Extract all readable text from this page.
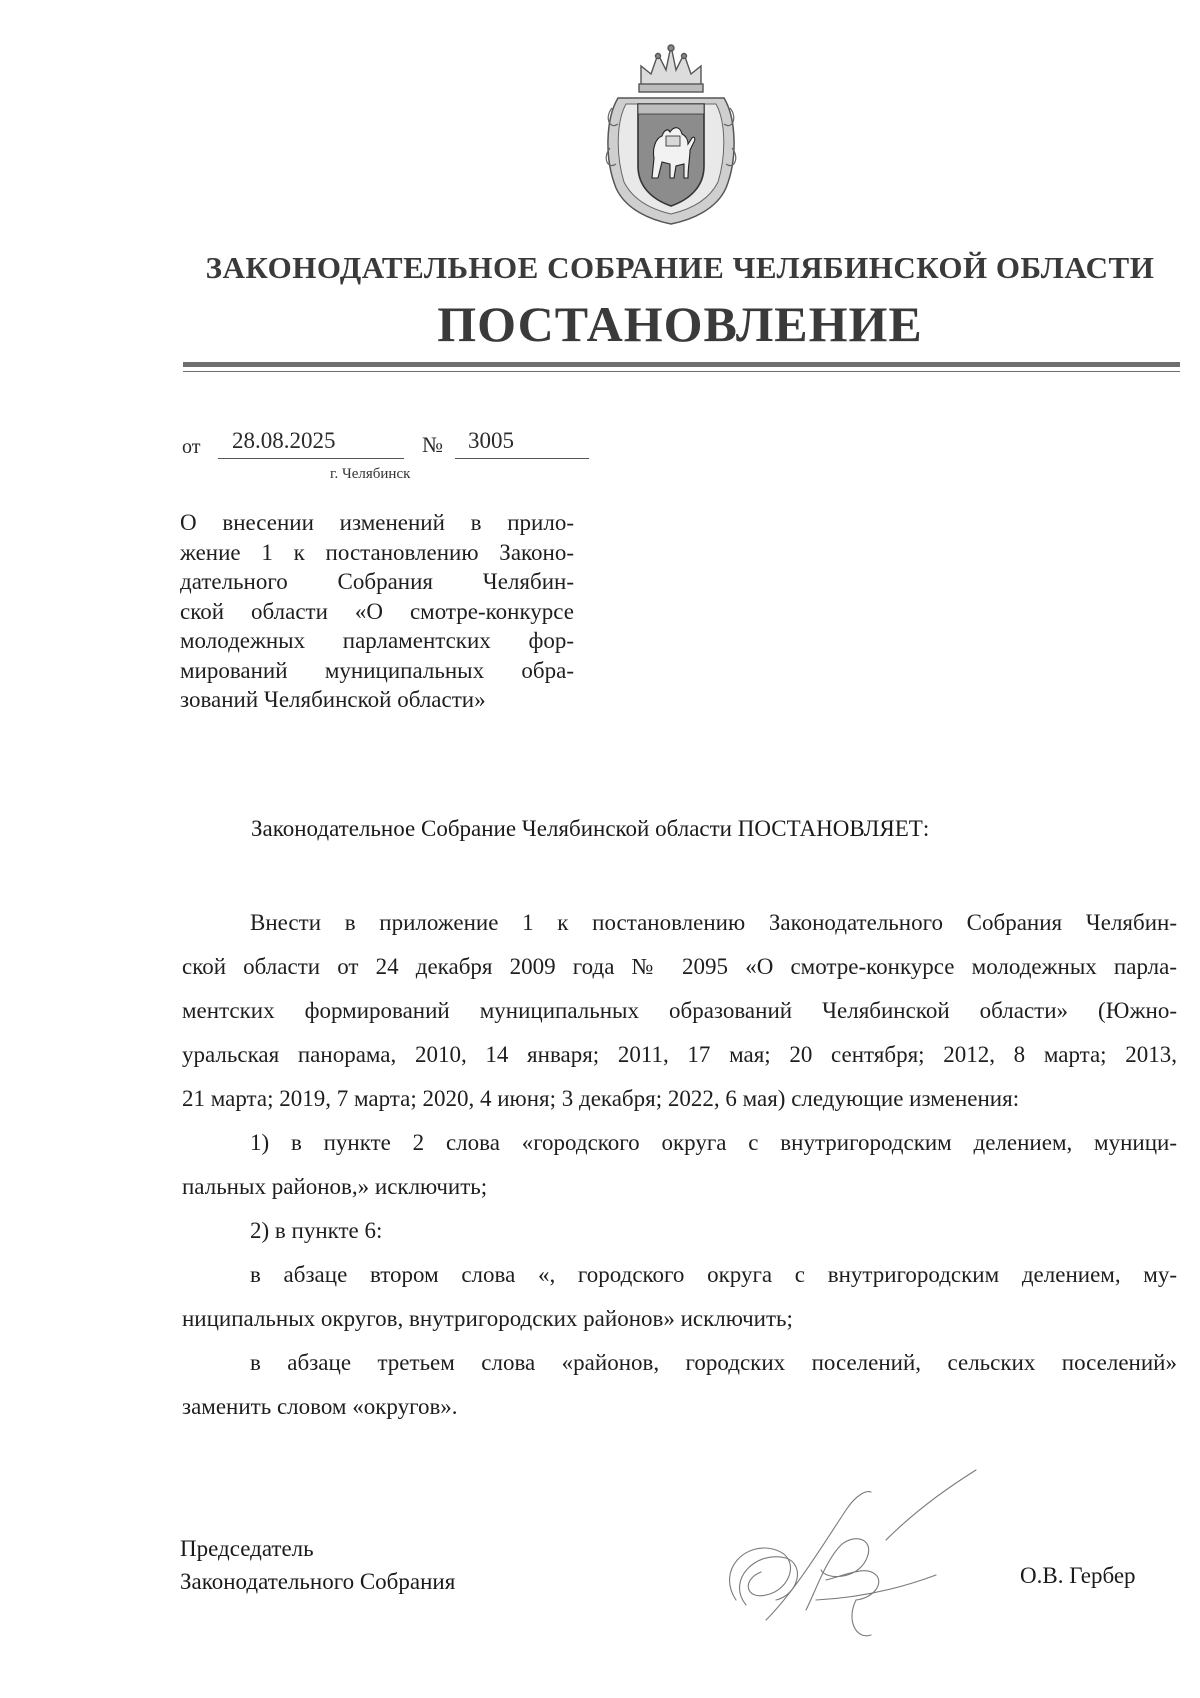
ЗАКОНОДАТЕЛЬНОЕ СОБРАНИЕ ЧЕЛЯБИНСКОЙ ОБЛАСТИ
ПОСТАНОВЛЕНИЕ
от 28.08.2025	№ 3005
г. Челябинск
О внесении изменений в прило-
жение 1 к постановлению Законо-
дательного Собрания Челябин-
ской области «О смотре-конкурсе
молодежных парламентских фор-
мирований муниципальных обра-
зований Челябинской области»
Законодательное Собрание Челябинской области ПОСТАНОВЛЯЕТ:

Внести в приложение 1 к постановлению Законодательного Собрания Челябин-
ской области от 24 декабря 2009 года № 2095 «О смотре-конкурсе молодежных парла-
ментских формирований муниципальных образований Челябинской области» (Южно-
уральская панорама, 2010, 14 января; 2011, 17 мая; 20 сентября; 2012, 8 марта; 2013,
21 марта; 2019, 7 марта; 2020, 4 июня; 3 декабря; 2022, 6 мая) следующие изменения:

1) в пункте 2 слова «городского округа с внутригородским делением, муници-
пальных районов,» исключить;

2) в пункте 6:

в абзаце втором слова «, городского округа с внутригородским делением, му-
ниципальных округов, внутригородских районов» исключить;

в абзаце третьем слова «районов, городских поселений, сельских поселений»
заменить словом «округов».

Председатель
Законодательного Собрания	О.В. Гербер
